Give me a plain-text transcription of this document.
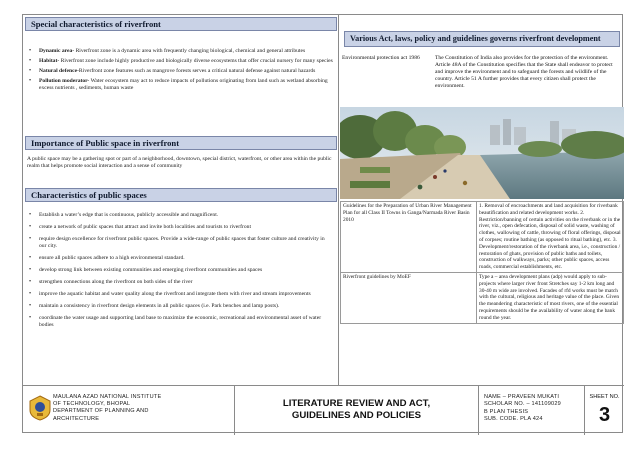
Special characteristics of riverfront
• Dynamic area- Riverfront zone is a dynamic area with frequently changing biological, chemical and general attributes
• Habitat- Riverfront zone include highly productive and biologically diverse ecosystems that offer crucial nursery for many species
• Natural defence-Riverfront zone features such as mangrove forests serves a critical natural defense against natural hazards
• Pollution moderator- Water ecosystem may act to reduce impacts of pollutions originating from land such as wetland absorbing excess nutrients , sediments, human waste
Importance of Public space in riverfront

A public space may be a gathering spot or part of a neighborhood, downtown, special district, waterfront, or other area within the public realm that helps promote social interaction and a sense of community

Characteristics of public spaces
• Establish a water’s edge that is continuous, publicly accessible and magnificent.
• create a network of public spaces that attract and invite both localities and tourists to riverfront
• require design excellence for riverfront public spaces. Provide a wide-range of public spaces that foster culture and creativity in our city.
• ensure all public spaces adhere to a high environmental standard.
• develop strong link between existing communities and emerging riverfront communities and spaces
• strengthen connections along the riverfront on both sides of the river
• improve the aquatic habitat and water quality along the riverfront and integrate them with river and stream improvements
• maintain a consistency in riverfront design elements in all public spaces (i.e. Park benches and lamp posts).
• coordinate the water usage and supporting land base to maximize the economic, recreational and environmental asset of water bodies
Various Act, laws, policy and guidelines governs riverfront development
Environmental protection act 1986	The Constitution of India also provides for the protection of the environment. Article 48A of the Constitution specifies that the State shall endeavor to protect and improve the environment and to safeguard the forests and wildlife of the country. Article 51 A further provides that every citizen shall protect the environment.
Guidelines for the Preparation of Urban River Management Plan for all Class II Towns in Ganga/Narmada River Basin 2010	1. Removal of encroachments and land acquisition for riverbank beautification and related development works. 2. Restriction/banning of certain activities on the riverbank or in the river, viz., open defecation, disposal of solid waste, washing of clothes, wallowing of cattle, throwing of floral offerings, disposal of corpses; routine bathing (as opposed to ritual bathing), etc. 3. Development/restoration of the riverbank area, i.e., construction / restoration of ghats, provision of public baths and toilets, construction of walkways, parks; other public spaces, access roads, commercial establishments, etc.
Riverfront guidelines by MoEF	Type a – area development plans (adp) would apply to sub-projects where larger river front Stretches say 1-2 km long and 30-40 m wide are involved. Facades of rfd works must be match with the cultural, religious and heritage value of the place. Given the meandering characteristic of most rivers, one of the essential requirements should be the availability of water along the bank round the year.
MAULANA AZAD NATIONAL INSTITUTE
OF TECHNOLOGY, BHOPAL
DEPARTMENT OF PLANNING AND
ARCHITECTURE
LITERATURE REVIEW AND ACT,
GUIDELINES AND POLICIES
NAME – PRAVEEN MUKATI
SCHOLAR NO. – 141109029
B PLAN THESIS
SUB. CODE. PLA 424
SHEET NO.
3
